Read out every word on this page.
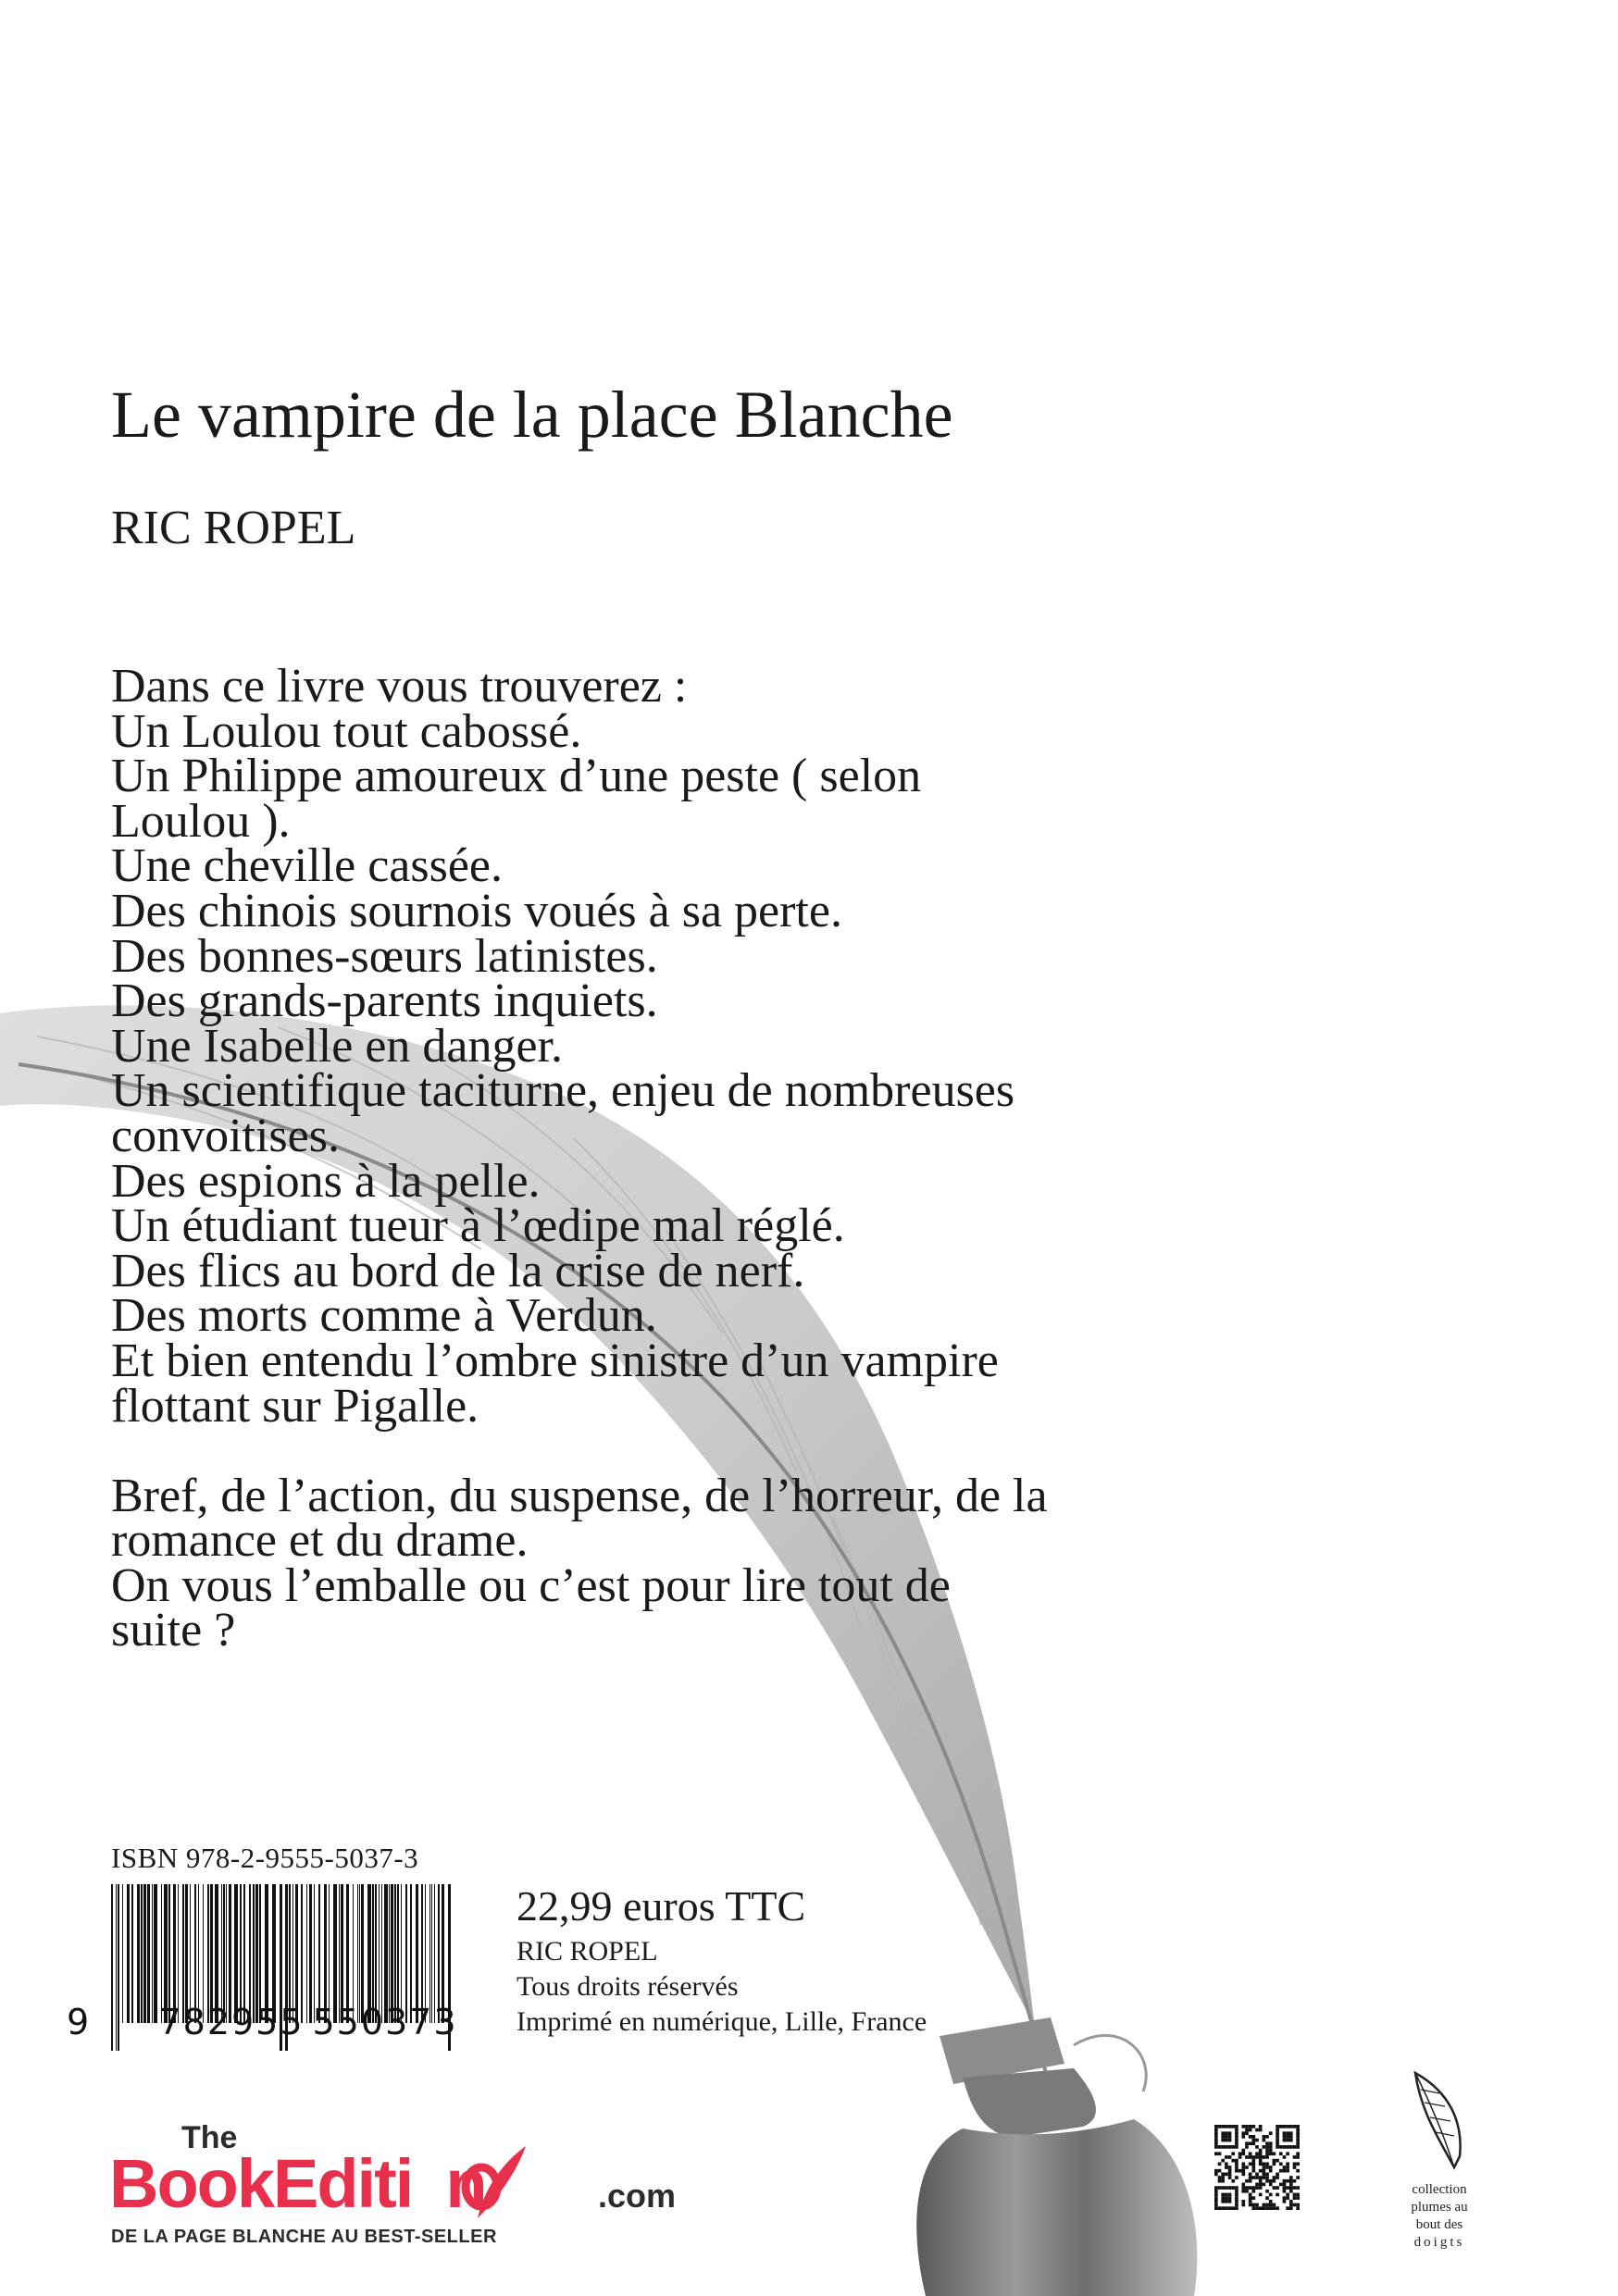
Le vampire de la place Blanche
RIC ROPEL
Dans ce livre vous trouverez :
Un Loulou tout cabossé.
Un Philippe amoureux d’une peste ( selon
Loulou ).
Une cheville cassée.
Des chinois sournois voués à sa perte.
Des bonnes-sœurs latinistes.
Des grands-parents inquiets.
Une Isabelle en danger.
Un scientifique taciturne, enjeu de nombreuses
convoitises.
Des espions à la pelle.
Un étudiant tueur à l’œdipe mal réglé.
Des flics au bord de la crise de nerf.
Des morts comme à Verdun.
Et bien entendu l’ombre sinistre d’un vampire
flottant sur Pigalle.
Bref, de l’action, du suspense, de l’horreur, de la
romance et du drame.
On vous l’emballe ou c’est pour lire tout de
suite ?
ISBN 978-2-9555-5037-3
9 782955 550373
22,99 euros TTC
RIC ROPEL
Tous droits réservés
Imprimé en numérique, Lille, France
The
BookEditi n	.com
DE LA PAGE BLANCHE AU BEST-SELLER
collection
plumes au
bout des
doigts
